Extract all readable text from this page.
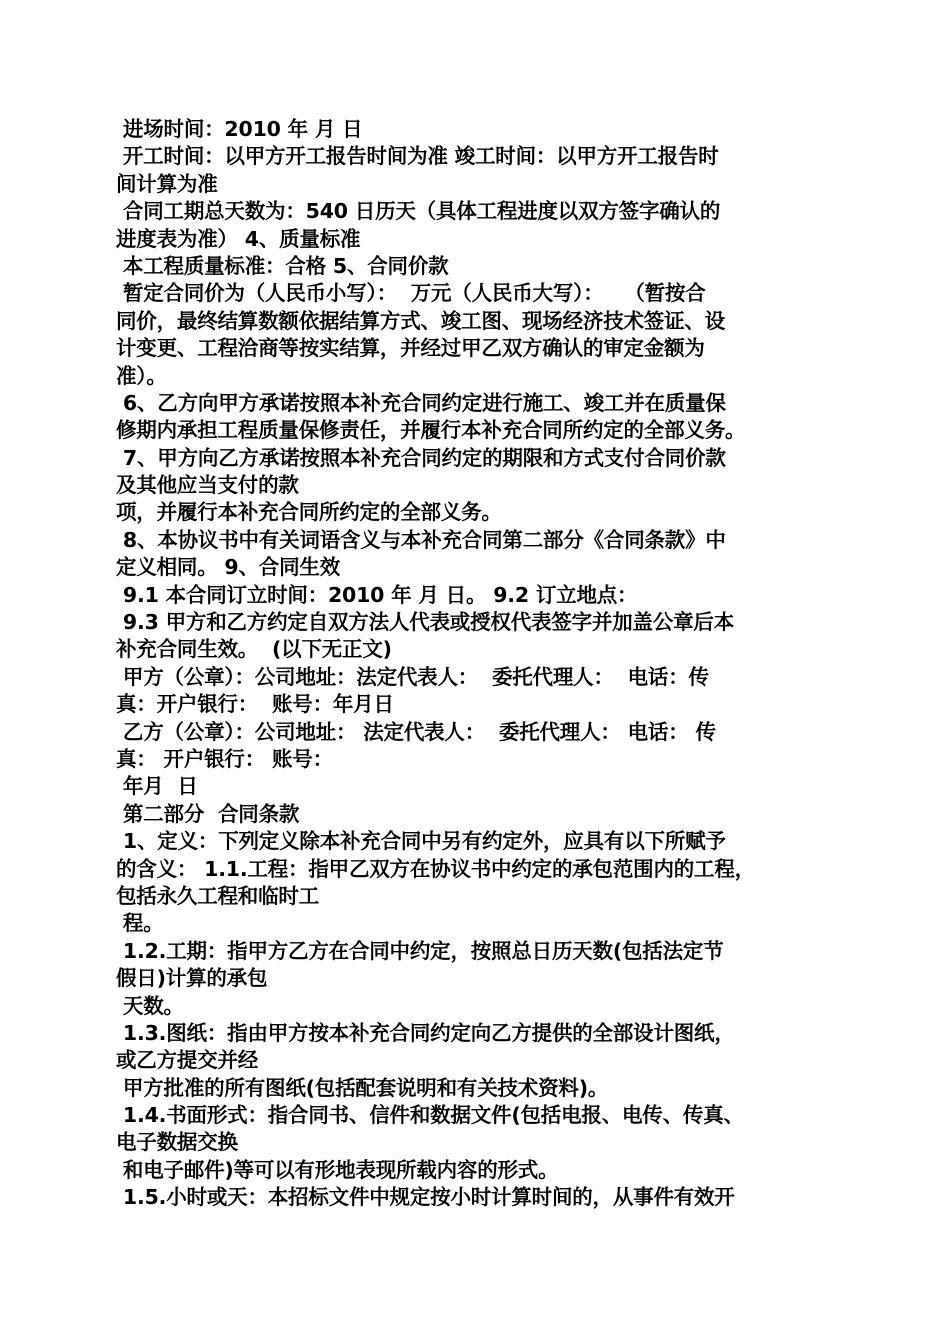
进场时间：2010 年 月 日
开工时间：以甲方开工报告时间为准 竣工时间：以甲方开工报告时
间计算为准
合同工期总天数为：540 日历天（具体工程进度以双方签字确认的
进度表为准） 4、质量标准
本工程质量标准：合格 5、合同价款
暂定合同价为（人民币小写）：  万元（人民币大写）：   （暂按合
同价，最终结算数额依据结算方式、竣工图、现场经济技术签证、设
计变更、工程洽商等按实结算，并经过甲乙双方确认的审定金额为
准）。
6、乙方向甲方承诺按照本补充合同约定进行施工、竣工并在质量保
修期内承担工程质量保修责任，并履行本补充合同所约定的全部义务。
7、甲方向乙方承诺按照本补充合同约定的期限和方式支付合同价款
及其他应当支付的款
项，并履行本补充合同所约定的全部义务。
8、本协议书中有关词语含义与本补充合同第二部分《合同条款》中
定义相同。 9、合同生效
9.1 本合同订立时间：2010 年 月 日。 9.2 订立地点：
9.3 甲方和乙方约定自双方法人代表或授权代表签字并加盖公章后本
补充合同生效。  (以下无正文)
甲方（公章）：公司地址：法定代表人：  委托代理人：  电话：传
真：开户银行：  账号：年月日
乙方（公章）：公司地址： 法定代表人：  委托代理人： 电话： 传
真： 开户银行： 账号：
年月  日
第二部分  合同条款
1、定义：下列定义除本补充合同中另有约定外，应具有以下所赋予
的含义： 1.1.工程：指甲乙双方在协议书中约定的承包范围内的工程，
包括永久工程和临时工
程。
1.2.工期：指甲方乙方在合同中约定，按照总日历天数(包括法定节
假日)计算的承包
天数。
1.3.图纸：指由甲方按本补充合同约定向乙方提供的全部设计图纸，
或乙方提交并经
甲方批准的所有图纸(包括配套说明和有关技术资料)。
1.4.书面形式：指合同书、信件和数据文件(包括电报、电传、传真、
电子数据交换
和电子邮件)等可以有形地表现所载内容的形式。
1.5.小时或天：本招标文件中规定按小时计算时间的，从事件有效开
